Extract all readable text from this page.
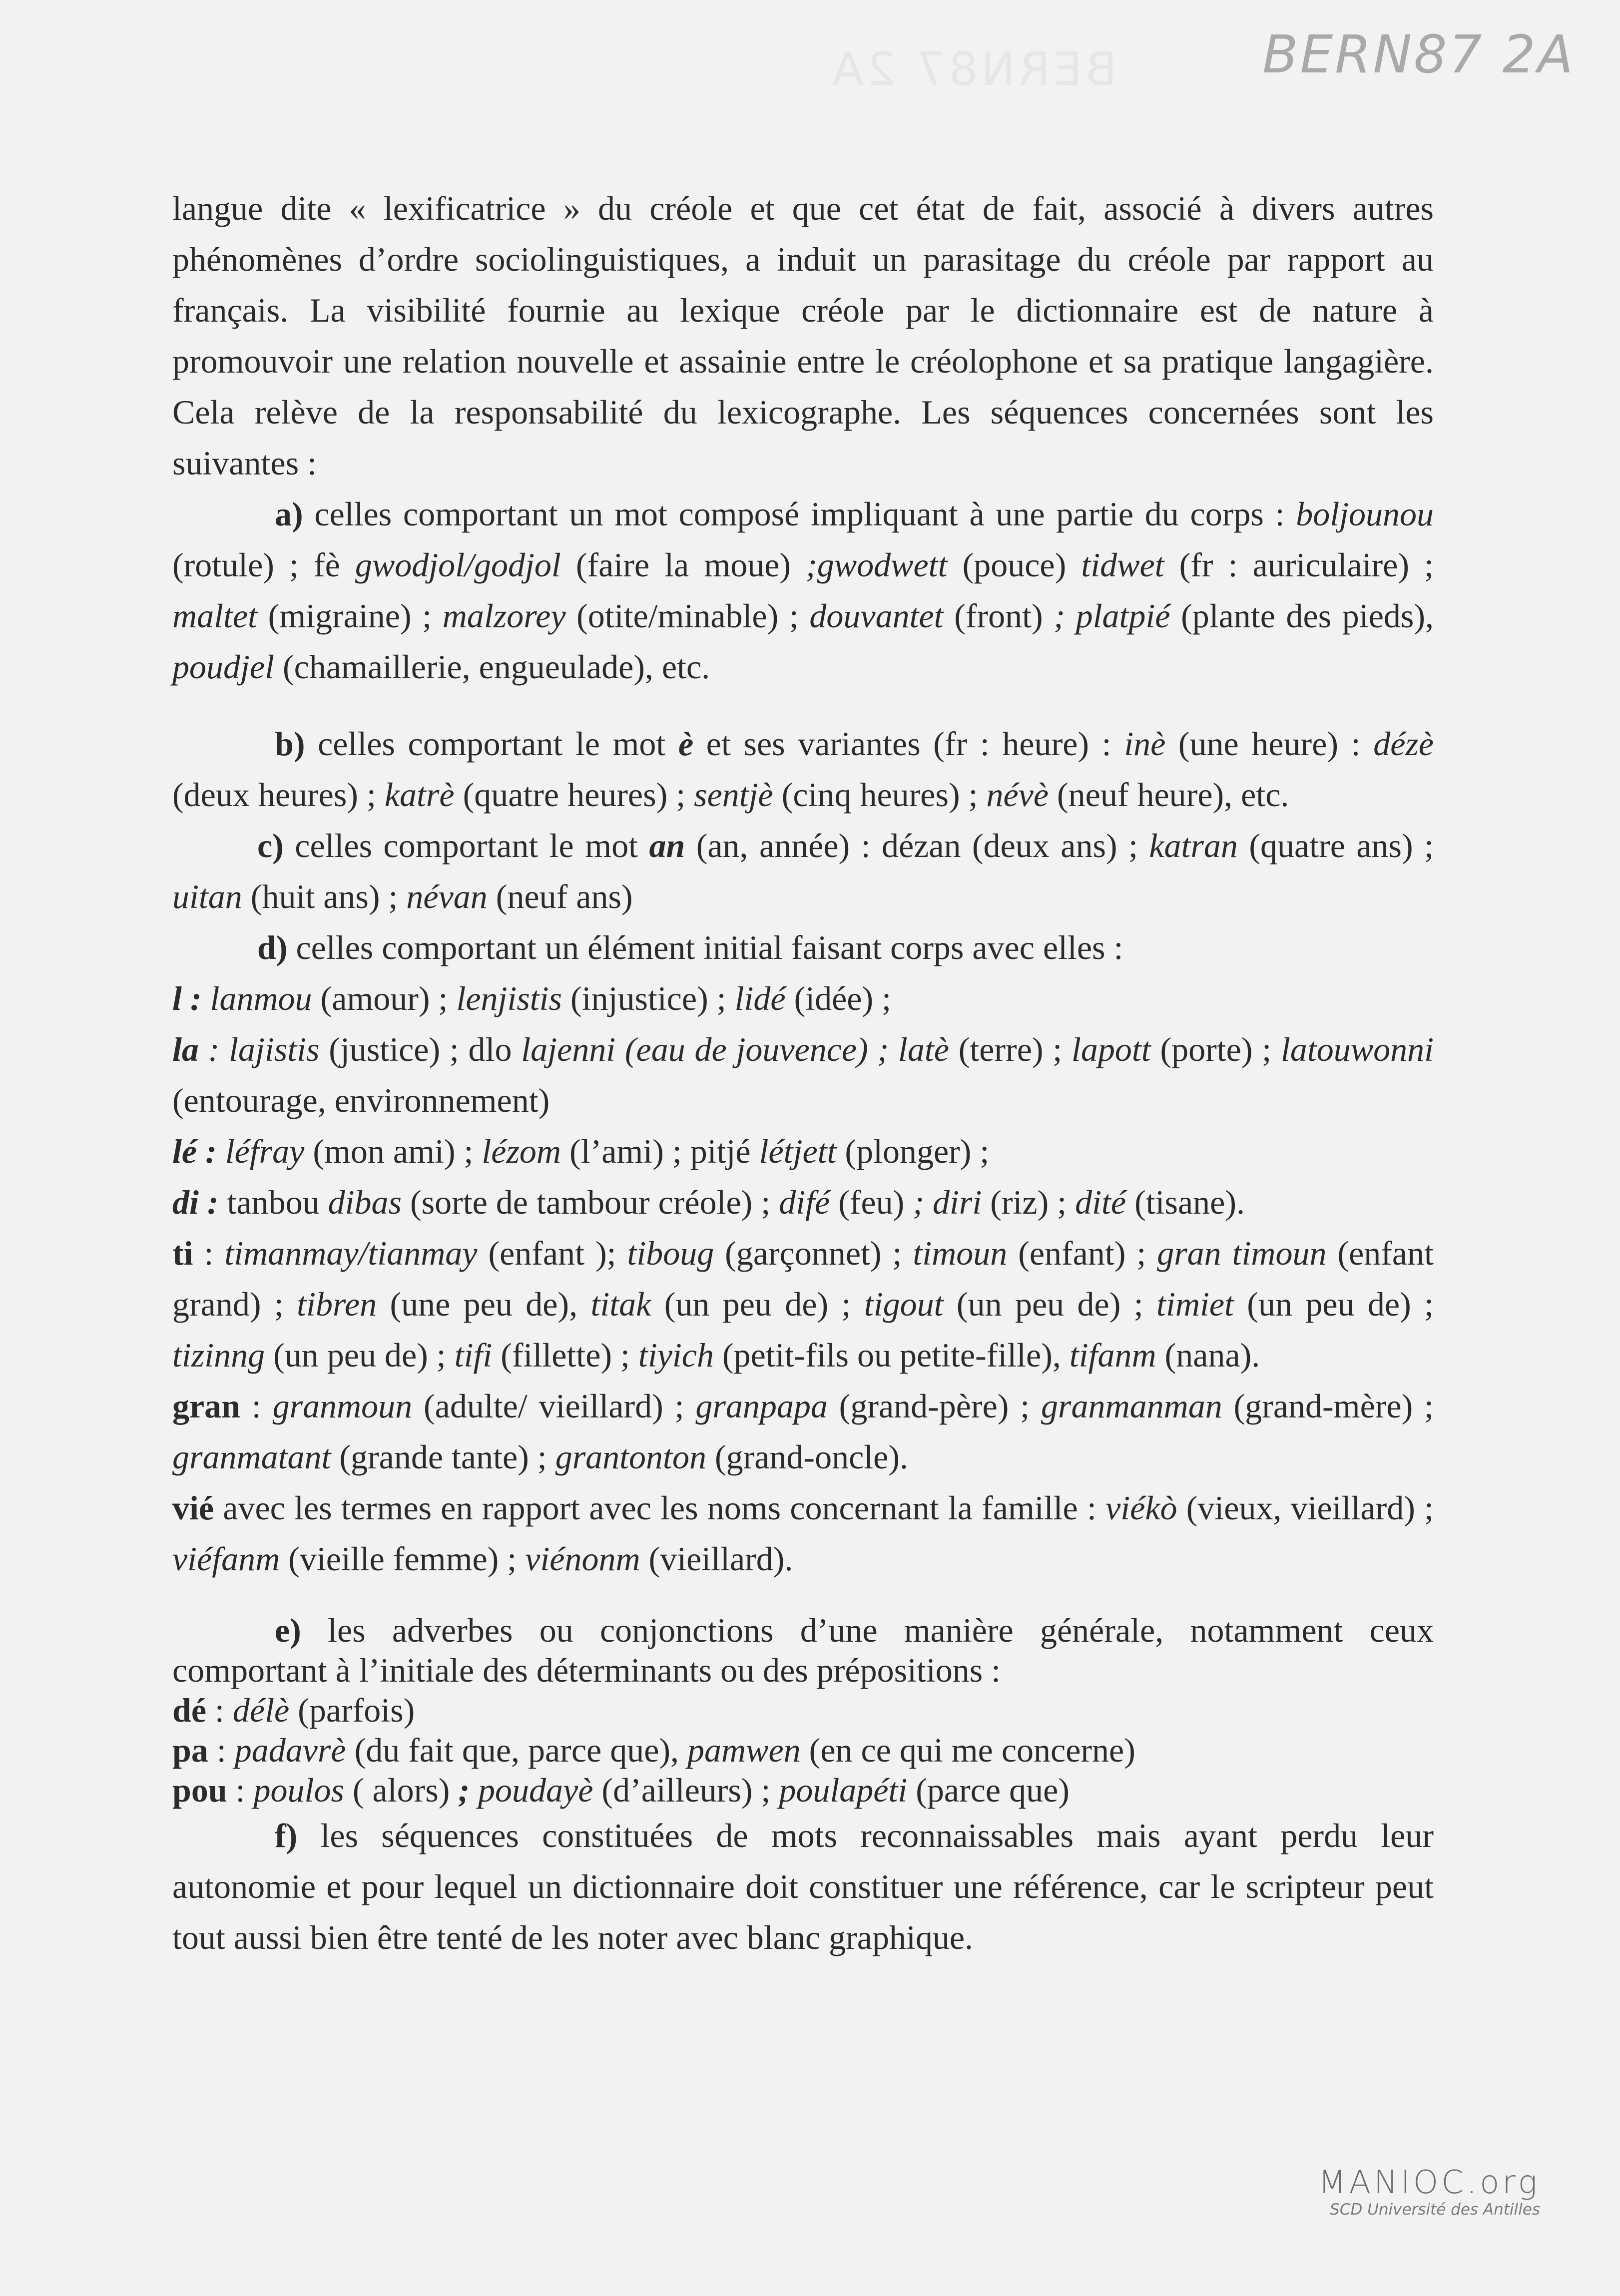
BERN87 2A	BERN87 2A

langue dite « lexificatrice » du créole et que cet état de fait, associé à divers autres phénomènes d’ordre sociolinguistiques, a induit un parasitage du créole par rapport au français. La visibilité fournie au lexique créole par le dictionnaire est de nature à promouvoir une relation nouvelle et assainie entre le créolophone et sa pratique langagière. Cela relève de la responsabilité du lexicographe. Les séquences concernées sont les suivantes :

a) celles comportant un mot composé impliquant à une partie du corps : boljounou (rotule) ; fè gwodjol/godjol (faire la moue) ;gwodwett (pouce) tidwet (fr : auriculaire) ; maltet (migraine) ; malzorey (otite/minable) ; douvantet (front) ; platpié (plante des pieds), poudjel (chamaillerie, engueulade), etc.

b) celles comportant le mot è et ses variantes (fr : heure) : inè (une heure) : dézè (deux heures) ; katrè (quatre heures) ; sentjè (cinq heures) ; névè (neuf heure), etc.

c) celles comportant le mot an (an, année) : dézan (deux ans) ; katran (quatre ans) ; uitan (huit ans) ; névan (neuf ans)

d) celles comportant un élément initial faisant corps avec elles :

l : lanmou (amour) ; lenjistis (injustice) ; lidé (idée) ;

la : lajistis (justice) ; dlo lajenni (eau de jouvence) ; latè (terre) ; lapott (porte) ; latouwonni (entourage, environnement)

lé : léfray (mon ami) ; lézom (l’ami) ; pitjé létjett (plonger) ;

di : tanbou dibas (sorte de tambour créole) ; difé (feu) ; diri (riz) ; dité (tisane).

ti : timanmay/tianmay (enfant ); tiboug (garçonnet) ; timoun (enfant) ; gran timoun (enfant grand) ; tibren (une peu de), titak (un peu de) ; tigout (un peu de) ; timiet (un peu de) ; tizinng (un peu de) ; tifi (fillette) ; tiyich (petit-fils ou petite-fille), tifanm (nana).

gran : granmoun (adulte/ vieillard) ; granpapa (grand-père) ; granmanman (grand-mère) ; granmatant (grande tante) ; grantonton (grand-oncle).

vié avec les termes en rapport avec les noms concernant la famille : viékò (vieux, vieillard) ; viéfanm (vieille femme) ; viénonm (vieillard).

e) les adverbes ou conjonctions d’une manière générale, notamment ceux comportant à l’initiale des déterminants ou des prépositions :

dé : délè (parfois)

pa : padavrè (du fait que, parce que), pamwen (en ce qui me concerne)

pou : poulos ( alors) ; poudayè (d’ailleurs) ; poulapéti (parce que)

f) les séquences constituées de mots reconnaissables mais ayant perdu leur autonomie et pour lequel un dictionnaire doit constituer une référence, car le scripteur peut tout aussi bien être tenté de les noter avec blanc graphique.

MANIOC.org
SCD Université des Antilles
